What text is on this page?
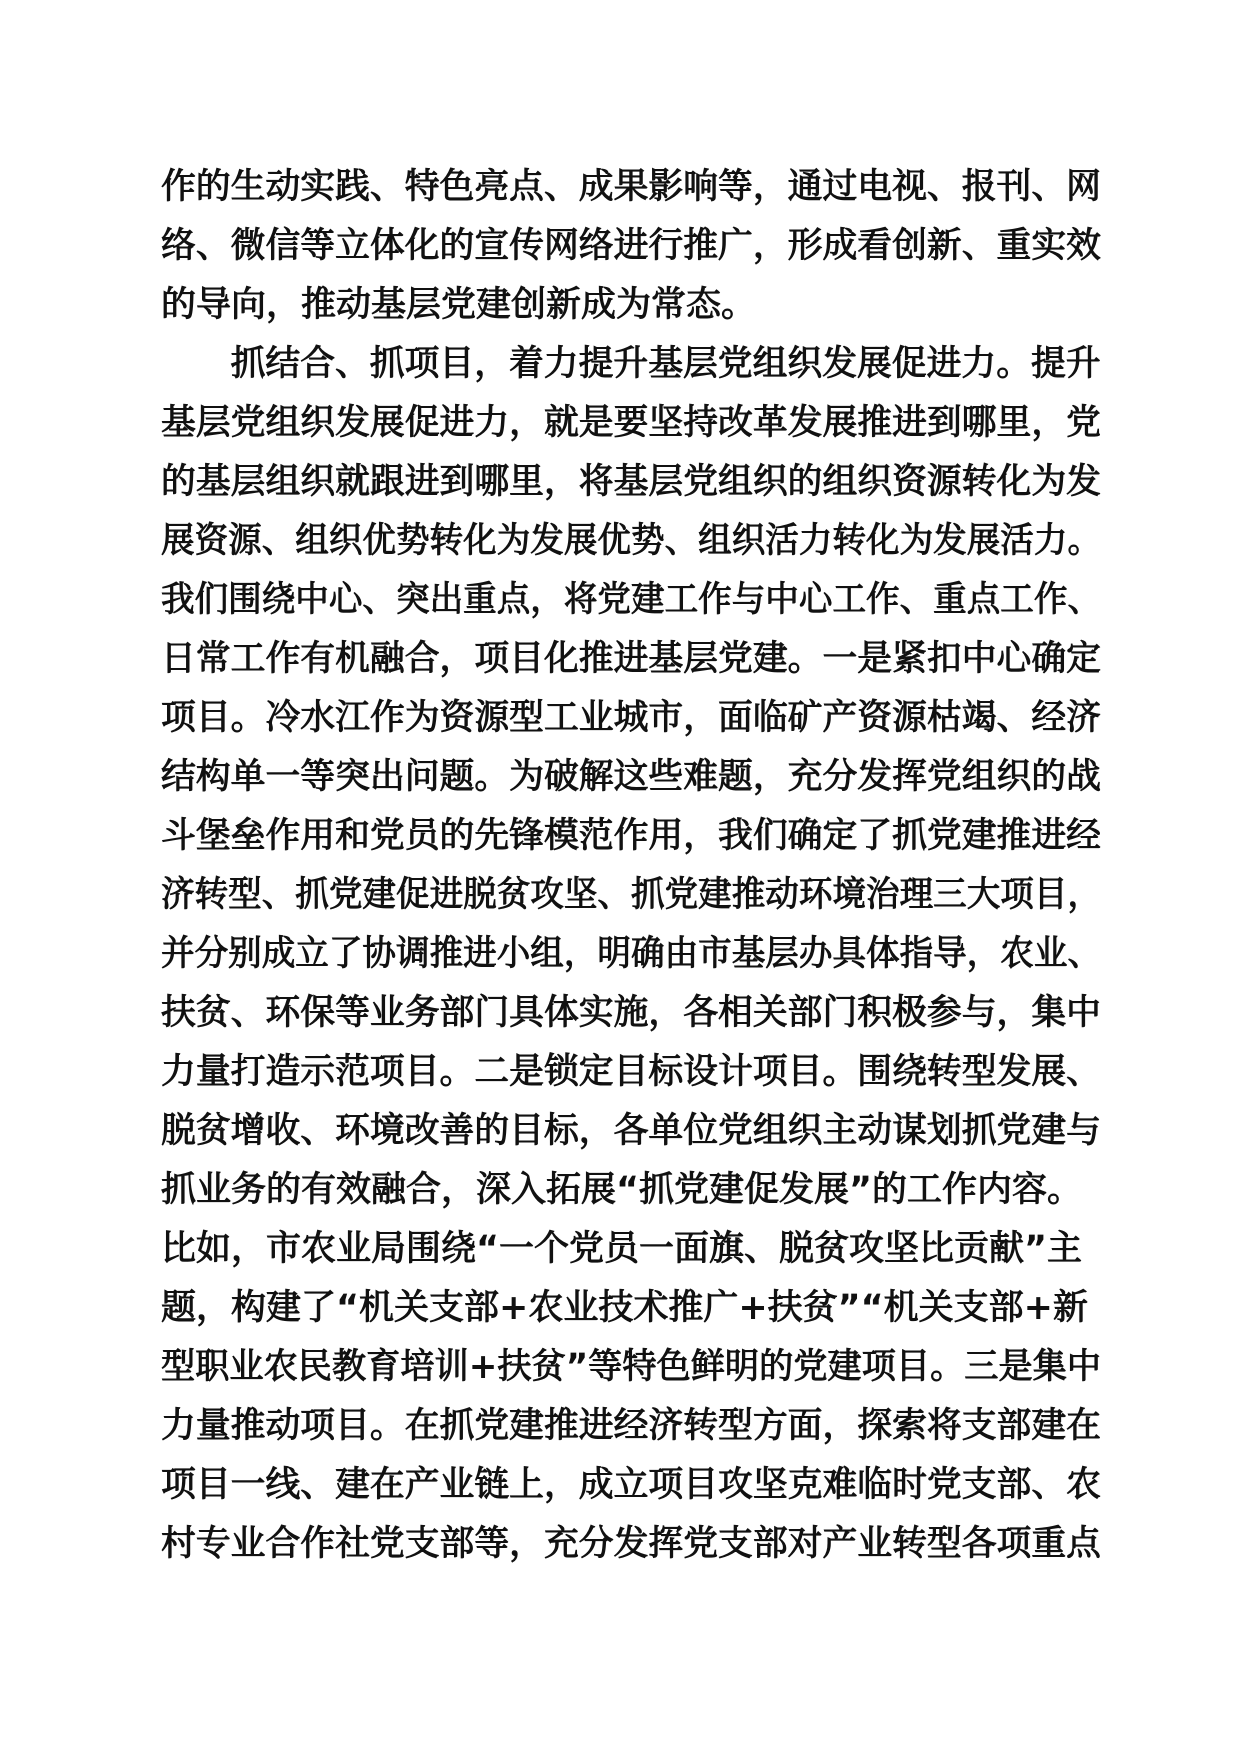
作的生动实践、特色亮点、成果影响等，通过电视、报刊、网
络、微信等立体化的宣传网络进行推广，形成看创新、重实效
的导向，推动基层党建创新成为常态。
抓结合、抓项目，着力提升基层党组织发展促进力。提升
基层党组织发展促进力，就是要坚持改革发展推进到哪里，党
的基层组织就跟进到哪里，将基层党组织的组织资源转化为发
展资源、组织优势转化为发展优势、组织活力转化为发展活力。
我们围绕中心、突出重点，将党建工作与中心工作、重点工作、
日常工作有机融合，项目化推进基层党建。一是紧扣中心确定
项目。冷水江作为资源型工业城市，面临矿产资源枯竭、经济
结构单一等突出问题。为破解这些难题，充分发挥党组织的战
斗堡垒作用和党员的先锋模范作用，我们确定了抓党建推进经
济转型、抓党建促进脱贫攻坚、抓党建推动环境治理三大项目，
并分别成立了协调推进小组，明确由市基层办具体指导，农业、
扶贫、环保等业务部门具体实施，各相关部门积极参与，集中
力量打造示范项目。二是锁定目标设计项目。围绕转型发展、
脱贫增收、环境改善的目标，各单位党组织主动谋划抓党建与
抓业务的有效融合，深入拓展“抓党建促发展”的工作内容。
比如，市农业局围绕“一个党员一面旗、脱贫攻坚比贡献”主
题，构建了“机关支部+农业技术推广+扶贫”“机关支部+新
型职业农民教育培训+扶贫”等特色鲜明的党建项目。三是集中
力量推动项目。在抓党建推进经济转型方面，探索将支部建在
项目一线、建在产业链上，成立项目攻坚克难临时党支部、农
村专业合作社党支部等，充分发挥党支部对产业转型各项重点
